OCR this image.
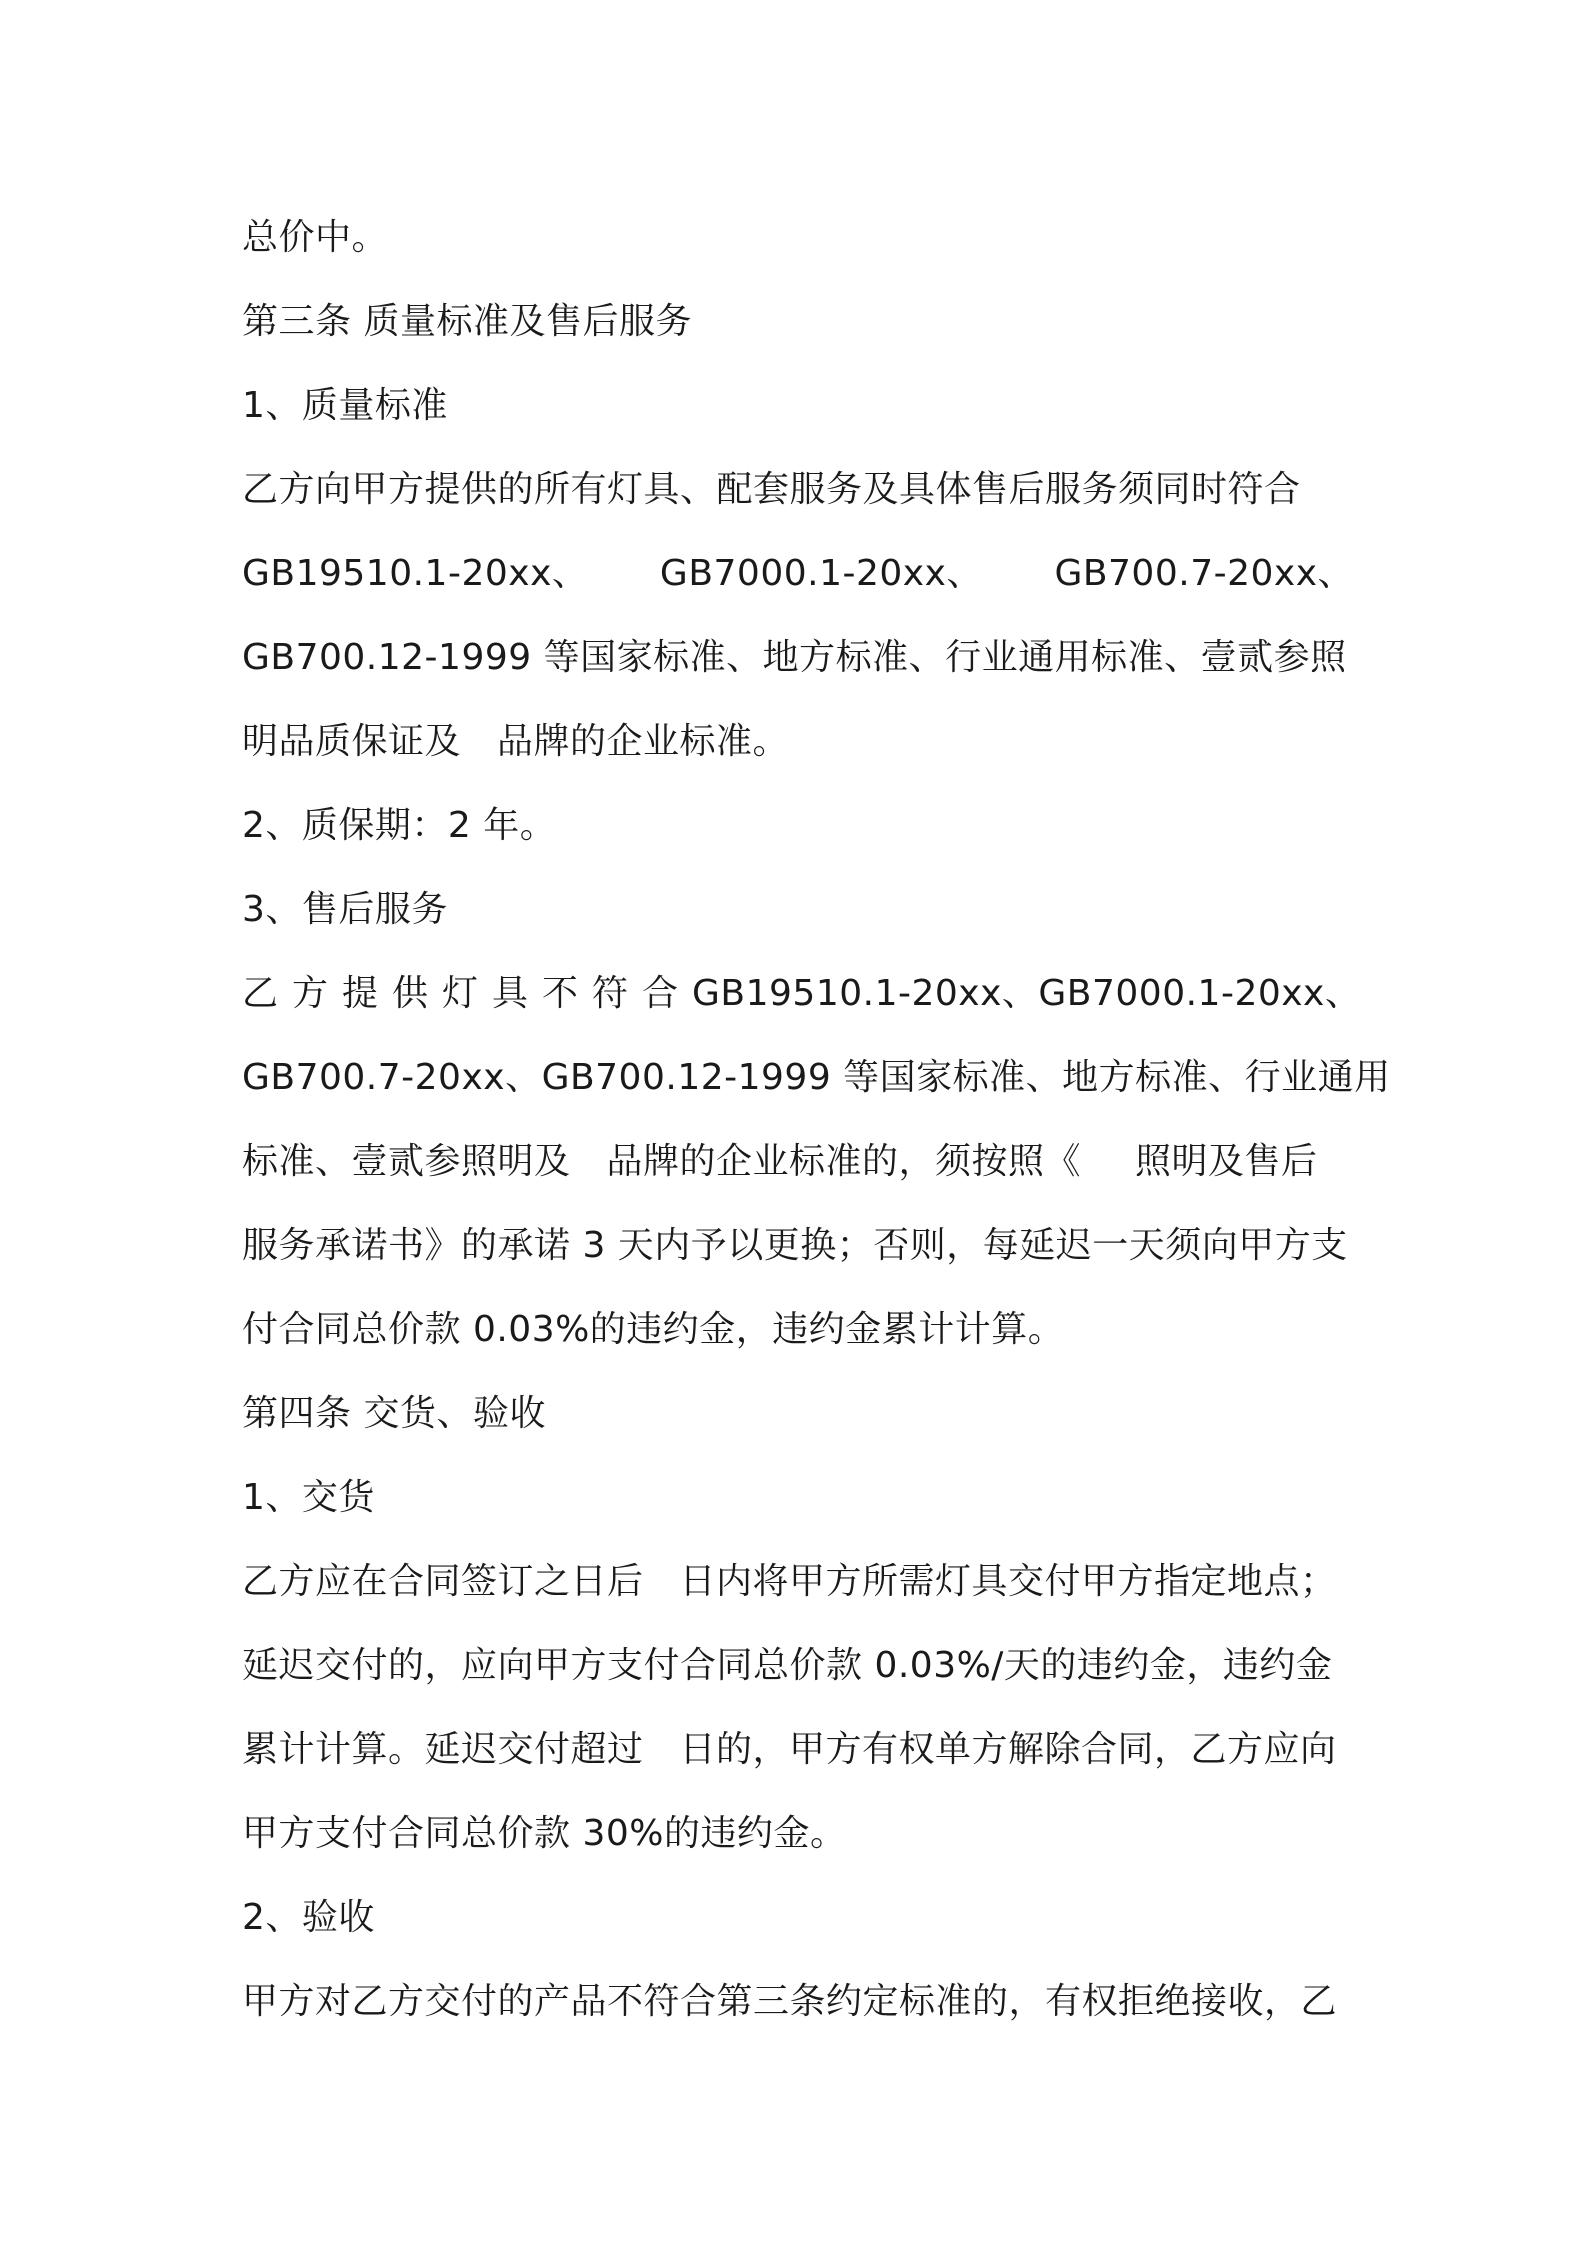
总价中。
第三条 质量标准及售后服务
1、质量标准
乙方向甲方提供的所有灯具、配套服务及具体售后服务须同时符合
GB19510.1-20xx、 GB7000.1-20xx、 GB700.7-20xx、
GB700.12-1999 等国家标准、地方标准、行业通用标准、壹贰参照
明品质保证及 品牌的企业标准。
2、质保期：2 年。
3、售后服务
乙方提供灯具不符合 GB19510.1-20xx、 GB7000.1-20xx、
GB700.7-20xx、GB700.12-1999 等国家标准、地方标准、行业通用
标准、壹贰参照明及 品牌的企业标准的，须按照《 照明及售后
服务承诺书》的承诺 3 天内予以更换；否则，每延迟一天须向甲方支
付合同总价款 0.03%的违约金，违约金累计计算。
第四条 交货、验收
1、交货
乙方应在合同签订之日后 日内将甲方所需灯具交付甲方指定地点；
延迟交付的，应向甲方支付合同总价款 0.03%/天的违约金，违约金
累计计算。延迟交付超过 日的，甲方有权单方解除合同，乙方应向
甲方支付合同总价款 30%的违约金。
2、验收
甲方对乙方交付的产品不符合第三条约定标准的，有权拒绝接收，乙
